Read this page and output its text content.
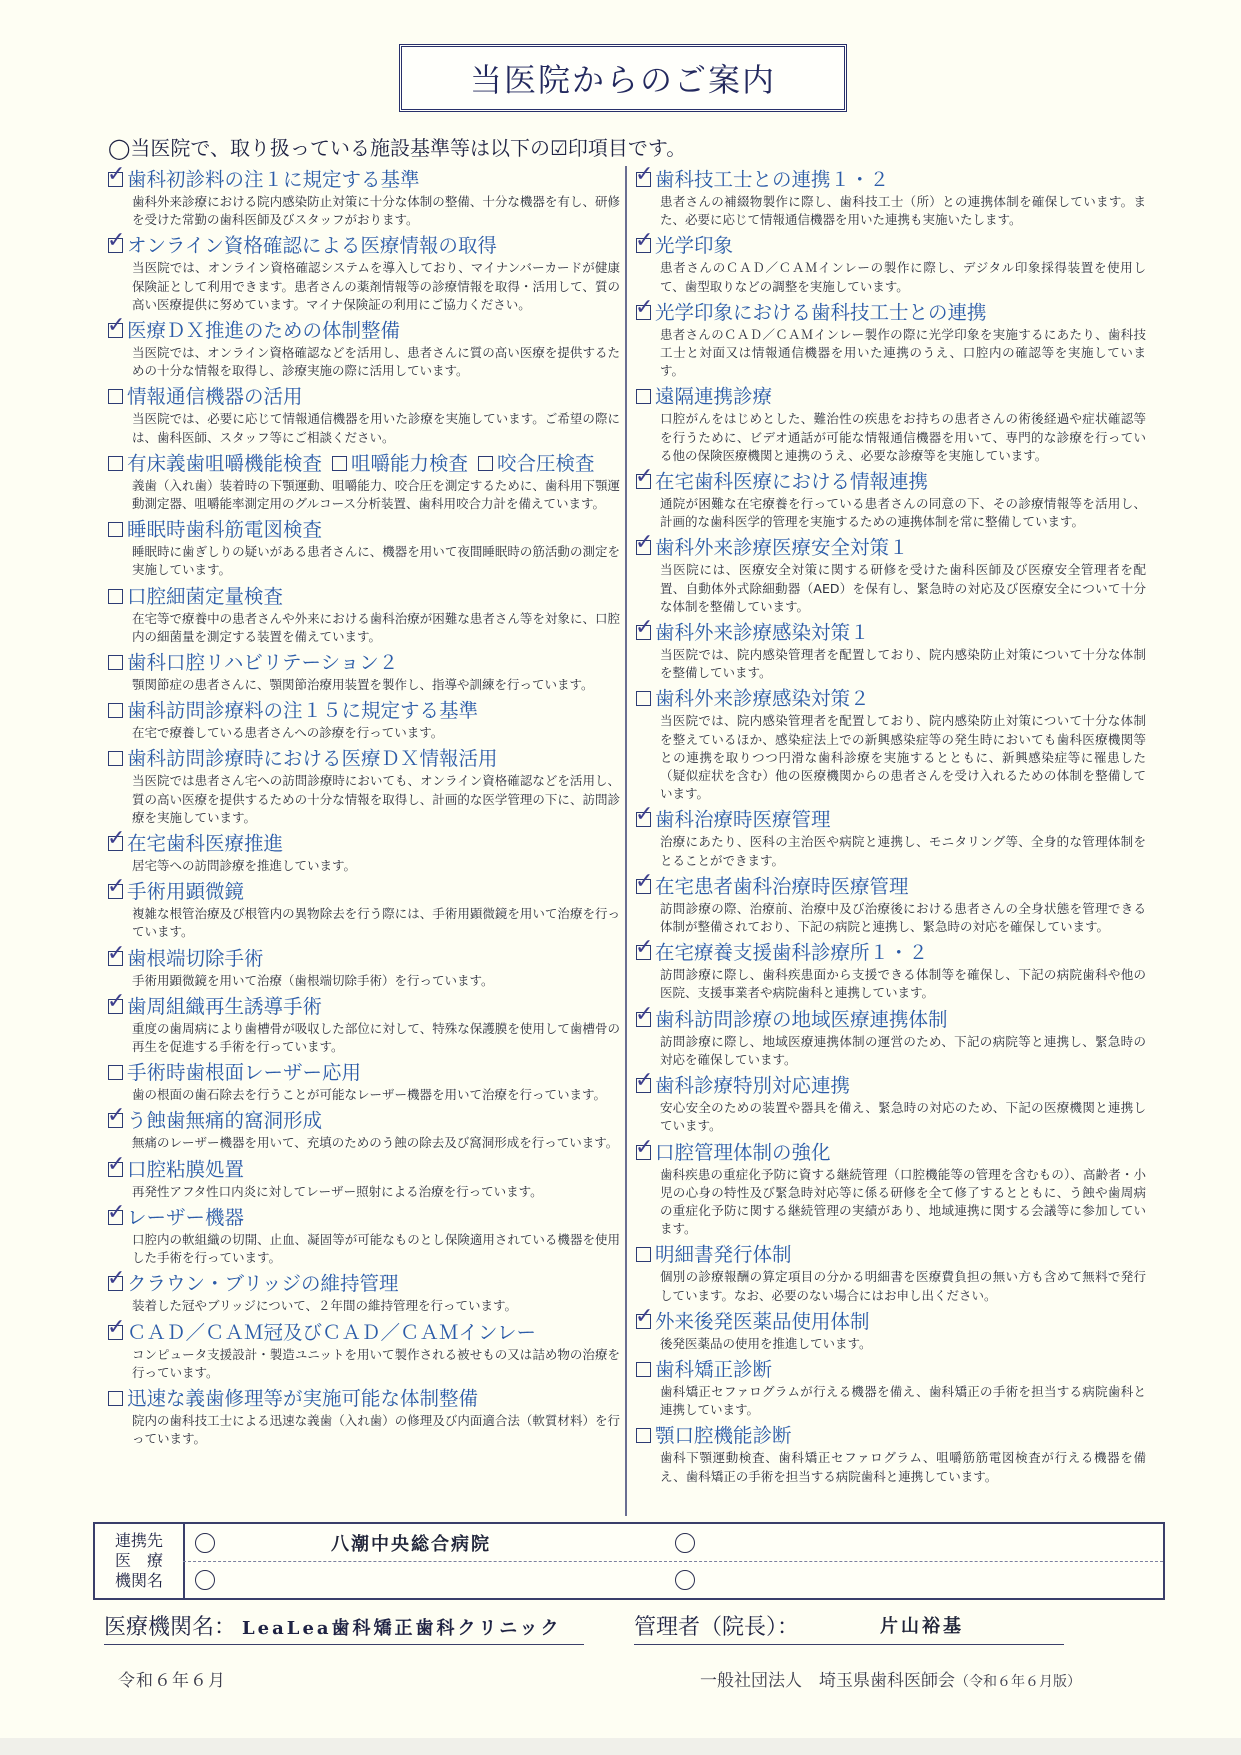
当医院からのご案内
◯当医院で、取り扱っている施設基準等は以下の☑印項目です。
✓
歯科初診料の注１に規定する基準
歯科外来診療における院内感染防止対策に十分な体制の整備、十分な機器を有し、研修を受けた常勤の歯科医師及びスタッフがおります。
✓
オンライン資格確認による医療情報の取得
当医院では、オンライン資格確認システムを導入しており、マイナンバーカードが健康保険証として利用できます。患者さんの薬剤情報等の診療情報を取得・活用して、質の高い医療提供に努めています。マイナ保険証の利用にご協力ください。
✓
医療ＤＸ推進のための体制整備
当医院では、オンライン資格確認などを活用し、患者さんに質の高い医療を提供するための十分な情報を取得し、診療実施の際に活用しています。
情報通信機器の活用
当医院では、必要に応じて情報通信機器を用いた診療を実施しています。ご希望の際には、歯科医師、スタッフ等にご相談ください。
有床義歯咀嚼機能検査 咀嚼能力検査 咬合圧検査
義歯（入れ歯）装着時の下顎運動、咀嚼能力、咬合圧を測定するために、歯科用下顎運動測定器、咀嚼能率測定用のグルコース分析装置、歯科用咬合力計を備えています。
睡眠時歯科筋電図検査
睡眠時に歯ぎしりの疑いがある患者さんに、機器を用いて夜間睡眠時の筋活動の測定を実施しています。
口腔細菌定量検査
在宅等で療養中の患者さんや外来における歯科治療が困難な患者さん等を対象に、口腔内の細菌量を測定する装置を備えています。
歯科口腔リハビリテーション２
顎関節症の患者さんに、顎関節治療用装置を製作し、指導や訓練を行っています。
歯科訪問診療料の注１５に規定する基準
在宅で療養している患者さんへの診療を行っています。
歯科訪問診療時における医療ＤＸ情報活用
当医院では患者さん宅への訪問診療時においても、オンライン資格確認などを活用し、質の高い医療を提供するための十分な情報を取得し、計画的な医学管理の下に、訪問診療を実施しています。
✓
在宅歯科医療推進
居宅等への訪問診療を推進しています。
✓
手術用顕微鏡
複雑な根管治療及び根管内の異物除去を行う際には、手術用顕微鏡を用いて治療を行っています。
✓
歯根端切除手術
手術用顕微鏡を用いて治療（歯根端切除手術）を行っています。
✓
歯周組織再生誘導手術
重度の歯周病により歯槽骨が吸収した部位に対して、特殊な保護膜を使用して歯槽骨の再生を促進する手術を行っています。
手術時歯根面レーザー応用
歯の根面の歯石除去を行うことが可能なレーザー機器を用いて治療を行っています。
✓
う蝕歯無痛的窩洞形成
無痛のレーザー機器を用いて、充填のためのう蝕の除去及び窩洞形成を行っています。
✓
口腔粘膜処置
再発性アフタ性口内炎に対してレーザー照射による治療を行っています。
✓
レーザー機器
口腔内の軟組織の切開、止血、凝固等が可能なものとし保険適用されている機器を使用した手術を行っています。
✓
クラウン・ブリッジの維持管理
装着した冠やブリッジについて、２年間の維持管理を行っています。
✓
ＣＡＤ／ＣＡＭ冠及びＣＡＤ／ＣＡＭインレー
コンピュータ支援設計・製造ユニットを用いて製作される被せもの又は詰め物の治療を行っています。
迅速な義歯修理等が実施可能な体制整備
院内の歯科技工士による迅速な義歯（入れ歯）の修理及び内面適合法（軟質材料）を行っています。
✓
歯科技工士との連携１・２
患者さんの補綴物製作に際し、歯科技工士（所）との連携体制を確保しています。また、必要に応じて情報通信機器を用いた連携も実施いたします。
✓
光学印象
患者さんのＣＡＤ／ＣＡＭインレーの製作に際し、デジタル印象採得装置を使用して、歯型取りなどの調整を実施しています。
✓
光学印象における歯科技工士との連携
患者さんのＣＡＤ／ＣＡＭインレー製作の際に光学印象を実施するにあたり、歯科技工士と対面又は情報通信機器を用いた連携のうえ、口腔内の確認等を実施しています。
遠隔連携診療
口腔がんをはじめとした、難治性の疾患をお持ちの患者さんの術後経過や症状確認等を行うために、ビデオ通話が可能な情報通信機器を用いて、専門的な診療を行っている他の保険医療機関と連携のうえ、必要な診療等を実施しています。
✓
在宅歯科医療における情報連携
通院が困難な在宅療養を行っている患者さんの同意の下、その診療情報等を活用し、計画的な歯科医学的管理を実施するための連携体制を常に整備しています。
✓
歯科外来診療医療安全対策１
当医院には、医療安全対策に関する研修を受けた歯科医師及び医療安全管理者を配置、自動体外式除細動器（AED）を保有し、緊急時の対応及び医療安全について十分な体制を整備しています。
✓
歯科外来診療感染対策１
当医院では、院内感染管理者を配置しており、院内感染防止対策について十分な体制を整備しています。
歯科外来診療感染対策２
当医院では、院内感染管理者を配置しており、院内感染防止対策について十分な体制を整えているほか、感染症法上での新興感染症等の発生時においても歯科医療機関等との連携を取りつつ円滑な歯科診療を実施するとともに、新興感染症等に罹患した（疑似症状を含む）他の医療機関からの患者さんを受け入れるための体制を整備しています。
✓
歯科治療時医療管理
治療にあたり、医科の主治医や病院と連携し、モニタリング等、全身的な管理体制をとることができます。
✓
在宅患者歯科治療時医療管理
訪問診療の際、治療前、治療中及び治療後における患者さんの全身状態を管理できる体制が整備されており、下記の病院と連携し、緊急時の対応を確保しています。
✓
在宅療養支援歯科診療所１・２
訪問診療に際し、歯科疾患面から支援できる体制等を確保し、下記の病院歯科や他の医院、支援事業者や病院歯科と連携しています。
✓
歯科訪問診療の地域医療連携体制
訪問診療に際し、地域医療連携体制の運営のため、下記の病院等と連携し、緊急時の対応を確保しています。
✓
歯科診療特別対応連携
安心安全のための装置や器具を備え、緊急時の対応のため、下記の医療機関と連携しています。
✓
口腔管理体制の強化
歯科疾患の重症化予防に資する継続管理（口腔機能等の管理を含むもの）、高齢者・小児の心身の特性及び緊急時対応等に係る研修を全て修了するとともに、う蝕や歯周病の重症化予防に関する継続管理の実績があり、地域連携に関する会議等に参加しています。
明細書発行体制
個別の診療報酬の算定項目の分かる明細書を医療費負担の無い方も含めて無料で発行しています。なお、必要のない場合にはお申し出ください。
✓
外来後発医薬品使用体制
後発医薬品の使用を推進しています。
歯科矯正診断
歯科矯正セファログラムが行える機器を備え、歯科矯正の手術を担当する病院歯科と連携しています。
顎口腔機能診断
歯科下顎運動検査、歯科矯正セファログラム、咀嚼筋筋電図検査が行える機器を備え、歯科矯正の手術を担当する病院歯科と連携しています。
連携先
医　療
機関名
八潮中央総合病院
医療機関名： LeaLea歯科矯正歯科クリニック	管理者（院長）：	片山裕基
令和６年６月	一般社団法人　埼玉県歯科医師会（令和６年６月版）
